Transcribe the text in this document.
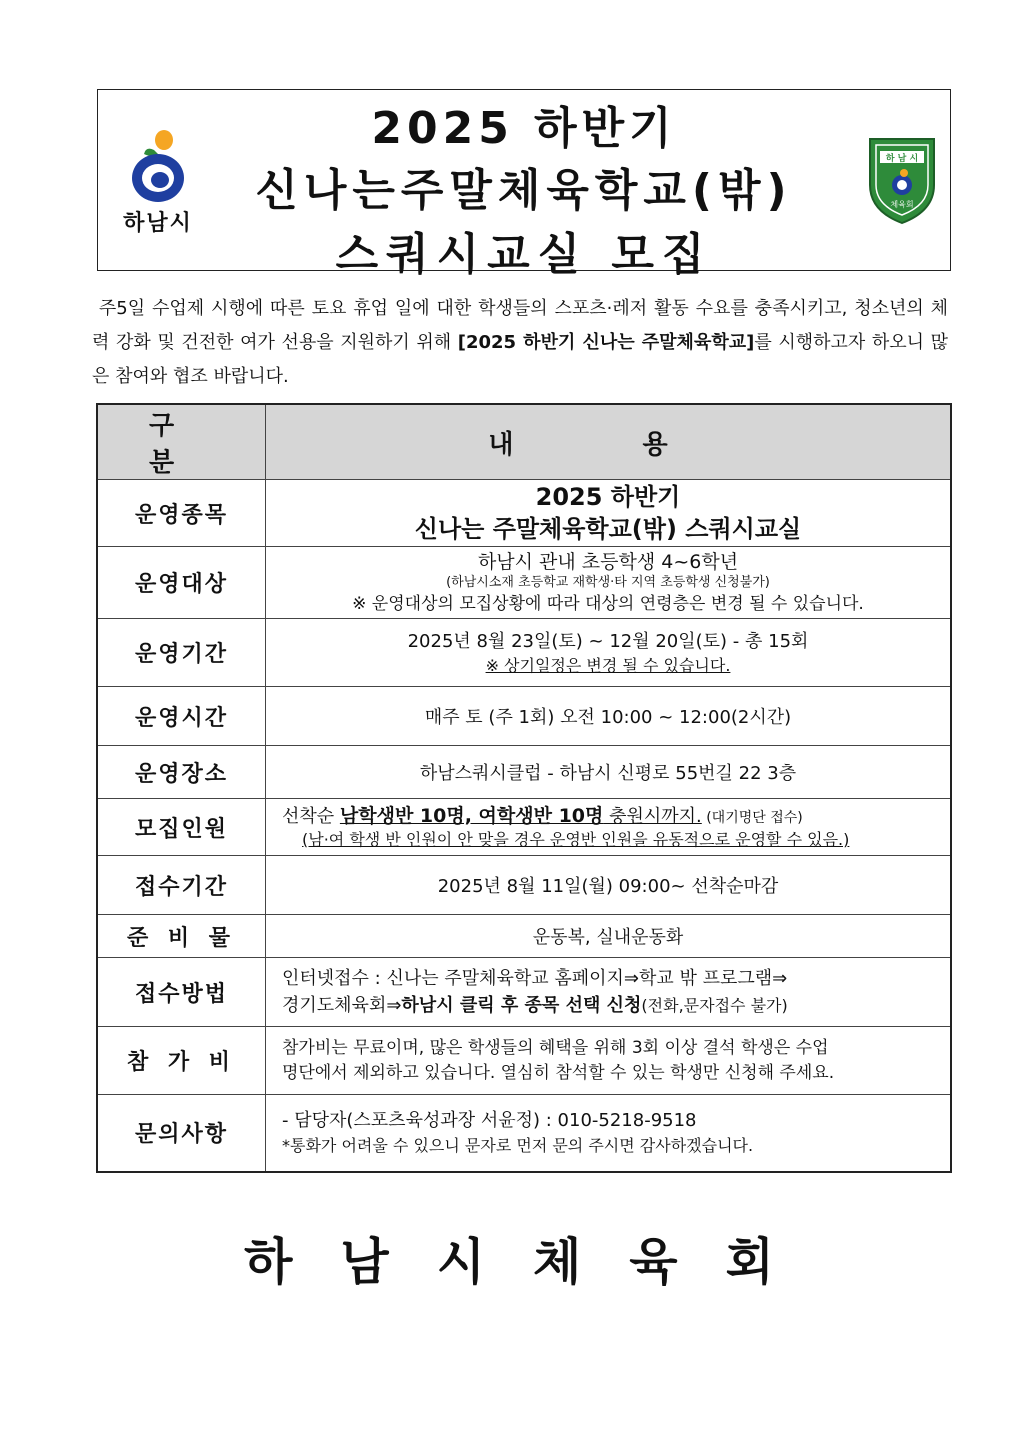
하남시
2025 하반기
신나는주말체육학교(밖)
스쿼시교실 모집
하 남 시
체육회
주5일 수업제 시행에 따른 토요 휴업 일에 대한 학생들의 스포츠·레저 활동 수요를 충족시키고, 청소년의 체력 강화 및 건전한 여가 선용을 지원하기 위해 [2025 하반기 신나는 주말체육학교]를 시행하고자 하오니 많은 참여와 협조 바랍니다.
구 분	내 용
운영종목	2025 하반기
신나는 주말체육학교(밖) 스쿼시교실

운영대상	하남시 관내 초등학생 4~6학년
(하남시소재 초등학교 재학생·타 지역 초등학생 신청불가)
※ 운영대상의 모집상황에 따라 대상의 연령층은 변경 될 수 있습니다.

운영기간	2025년 8월 23일(토) ~ 12월 20일(토) - 총 15회
※ 상기일정은 변경 될 수 있습니다.

운영시간	매주 토 (주 1회) 오전 10:00 ~ 12:00(2시간)
운영장소	하남스쿼시클럽 - 하남시 신평로 55번길 22 3층
모집인원	선착순 남학생반 10명, 여학생반 10명 충원시까지. (대기명단 접수)
(남·여 학생 반 인원이 안 맞을 경우 운영반 인원을 유동적으로 운영할 수 있음.)

접수기간	2025년 8월 11일(월) 09:00~ 선착순마감
준 비 물	운동복, 실내운동화
접수방법	인터넷접수 : 신나는 주말체육학교 홈페이지⇒학교 밖 프로그램⇒
경기도체육회⇒하남시 클릭 후 종목 선택 신청(전화,문자접수 불가)

참 가 비	참가비는 무료이며, 많은 학생들의 혜택을 위해 3회 이상 결석 학생은 수업
명단에서 제외하고 있습니다. 열심히 참석할 수 있는 학생만 신청해 주세요.

문의사항	- 담당자(스포츠육성과장 서윤정) : 010-5218-9518
*통화가 어려울 수 있으니 문자로 먼저 문의 주시면 감사하겠습니다.
하남시체육회
